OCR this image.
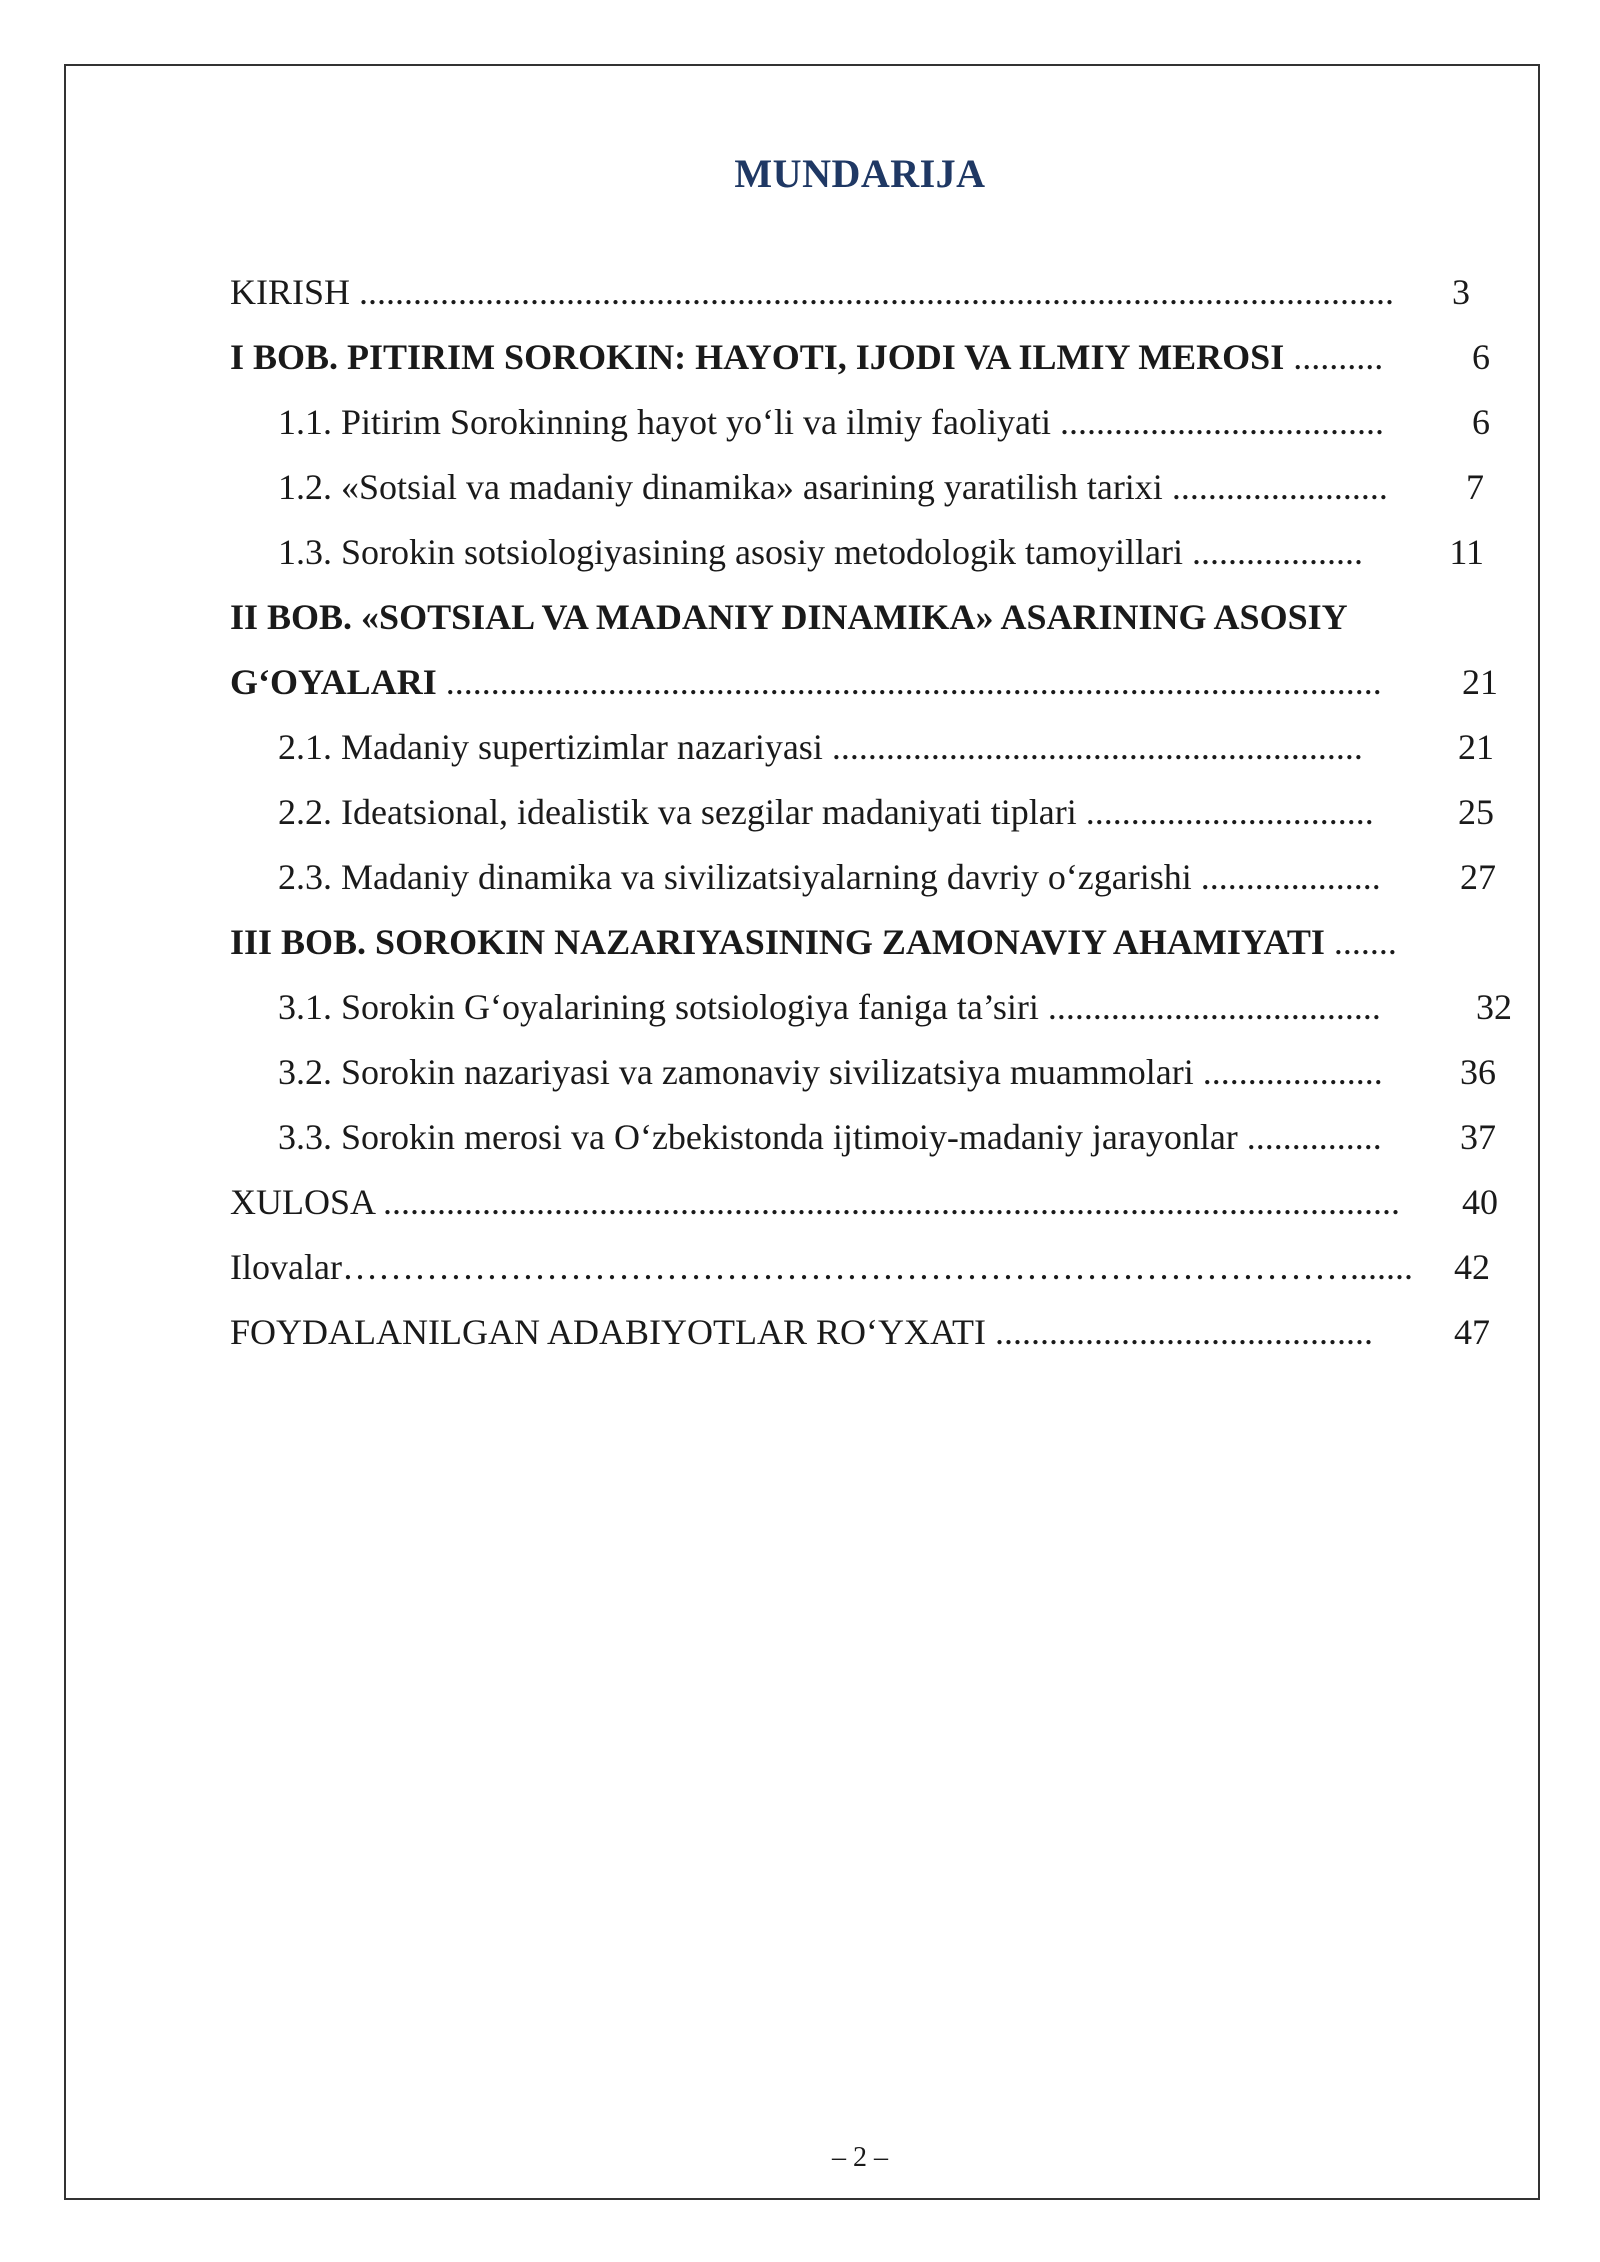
MUNDARIJA
KIRISH ................................................................................................................... 3
I BOB. PITIRIM SOROKIN: HAYOTI, IJODI VA ILMIY MEROSI .......... 6
1.1. Pitirim Sorokinning hayot yo‘li va ilmiy faoliyati .................................... 6
1.2. «Sotsial va madaniy dinamika» asarining yaratilish tarixi ........................ 7
1.3. Sorokin sotsiologiyasining asosiy metodologik tamoyillari ................... 11
II BOB. «SOTSIAL VA MADANIY DINAMIKA» ASARINING ASOSIY
G‘OYALARI ........................................................................................................ 21
2.1. Madaniy supertizimlar nazariyasi ...........................................................	21
2.2. Ideatsional, idealistik va sezgilar madaniyati tiplari ................................ 25
2.3. Madaniy dinamika va sivilizatsiyalarning davriy o‘zgarishi .................... 27
III BOB. SOROKIN NAZARIYASINING ZAMONAVIY AHAMIYATI .......
3.1. Sorokin G‘oyalarining sotsiologiya faniga ta’siri .....................................	32
3.2. Sorokin nazariyasi va zamonaviy sivilizatsiya muammolari .................... 36
3.3. Sorokin merosi va O‘zbekistonda ijtimoiy-madaniy jarayonlar ............... 37
XULOSA ................................................................................................................. 40
Ilovalar…………………………………………………………………………....... 42
FOYDALANILGAN ADABIYOTLAR RO‘YXATI .......................................... 47
– 2 –
